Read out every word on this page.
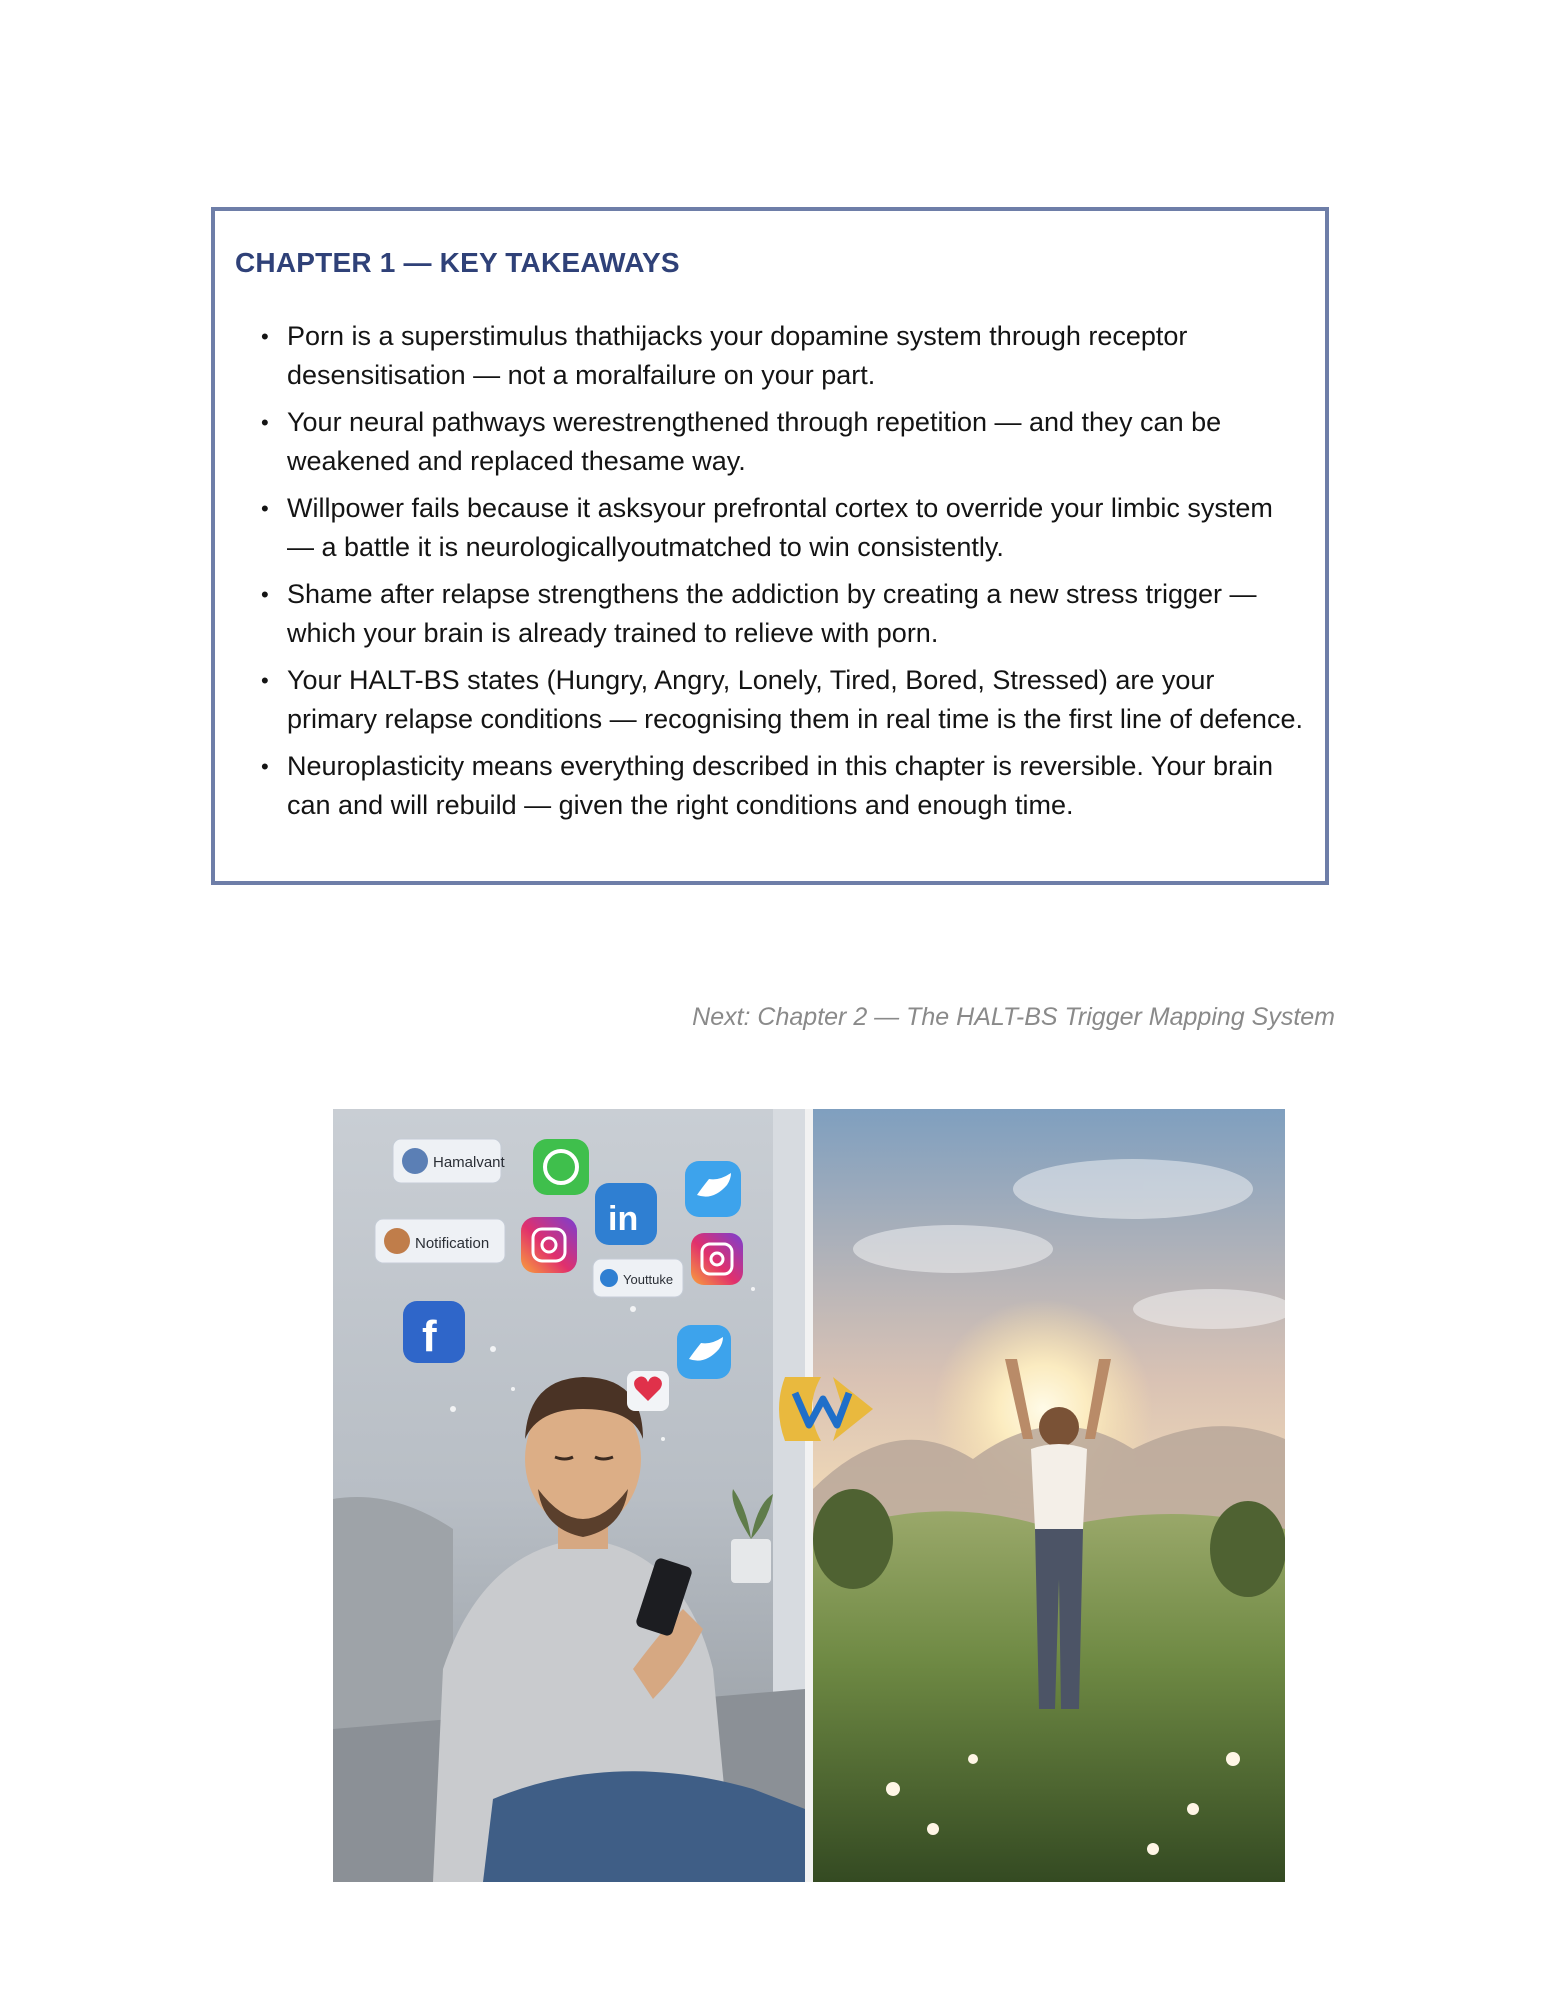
CHAPTER 1 — KEY TAKEAWAYS
• Porn is a superstimulus thathijacks your dopamine system through receptor
desensitisation — not a moralfailure on your part.
• Your neural pathways werestrengthened through repetition — and they can be
weakened and replaced thesame way.
• Willpower fails because it asksyour prefrontal cortex to override your limbic system
— a battle it is neurologicallyoutmatched to win consistently.
• Shame after relapse strengthens the addiction by creating a new stress trigger —
which your brain is already trained to relieve with porn.
• Your HALT-BS states (Hungry, Angry, Lonely, Tired, Bored, Stressed) are your
primary relapse conditions — recognising them in real time is the first line of defence.
• Neuroplasticity means everything described in this chapter is reversible. Your brain
can and will rebuild — given the right conditions and enough time.

Next: Chapter 2 — The HALT-BS Trigger Mapping System

Hamalvant
Notification
in
Youttuke
f
